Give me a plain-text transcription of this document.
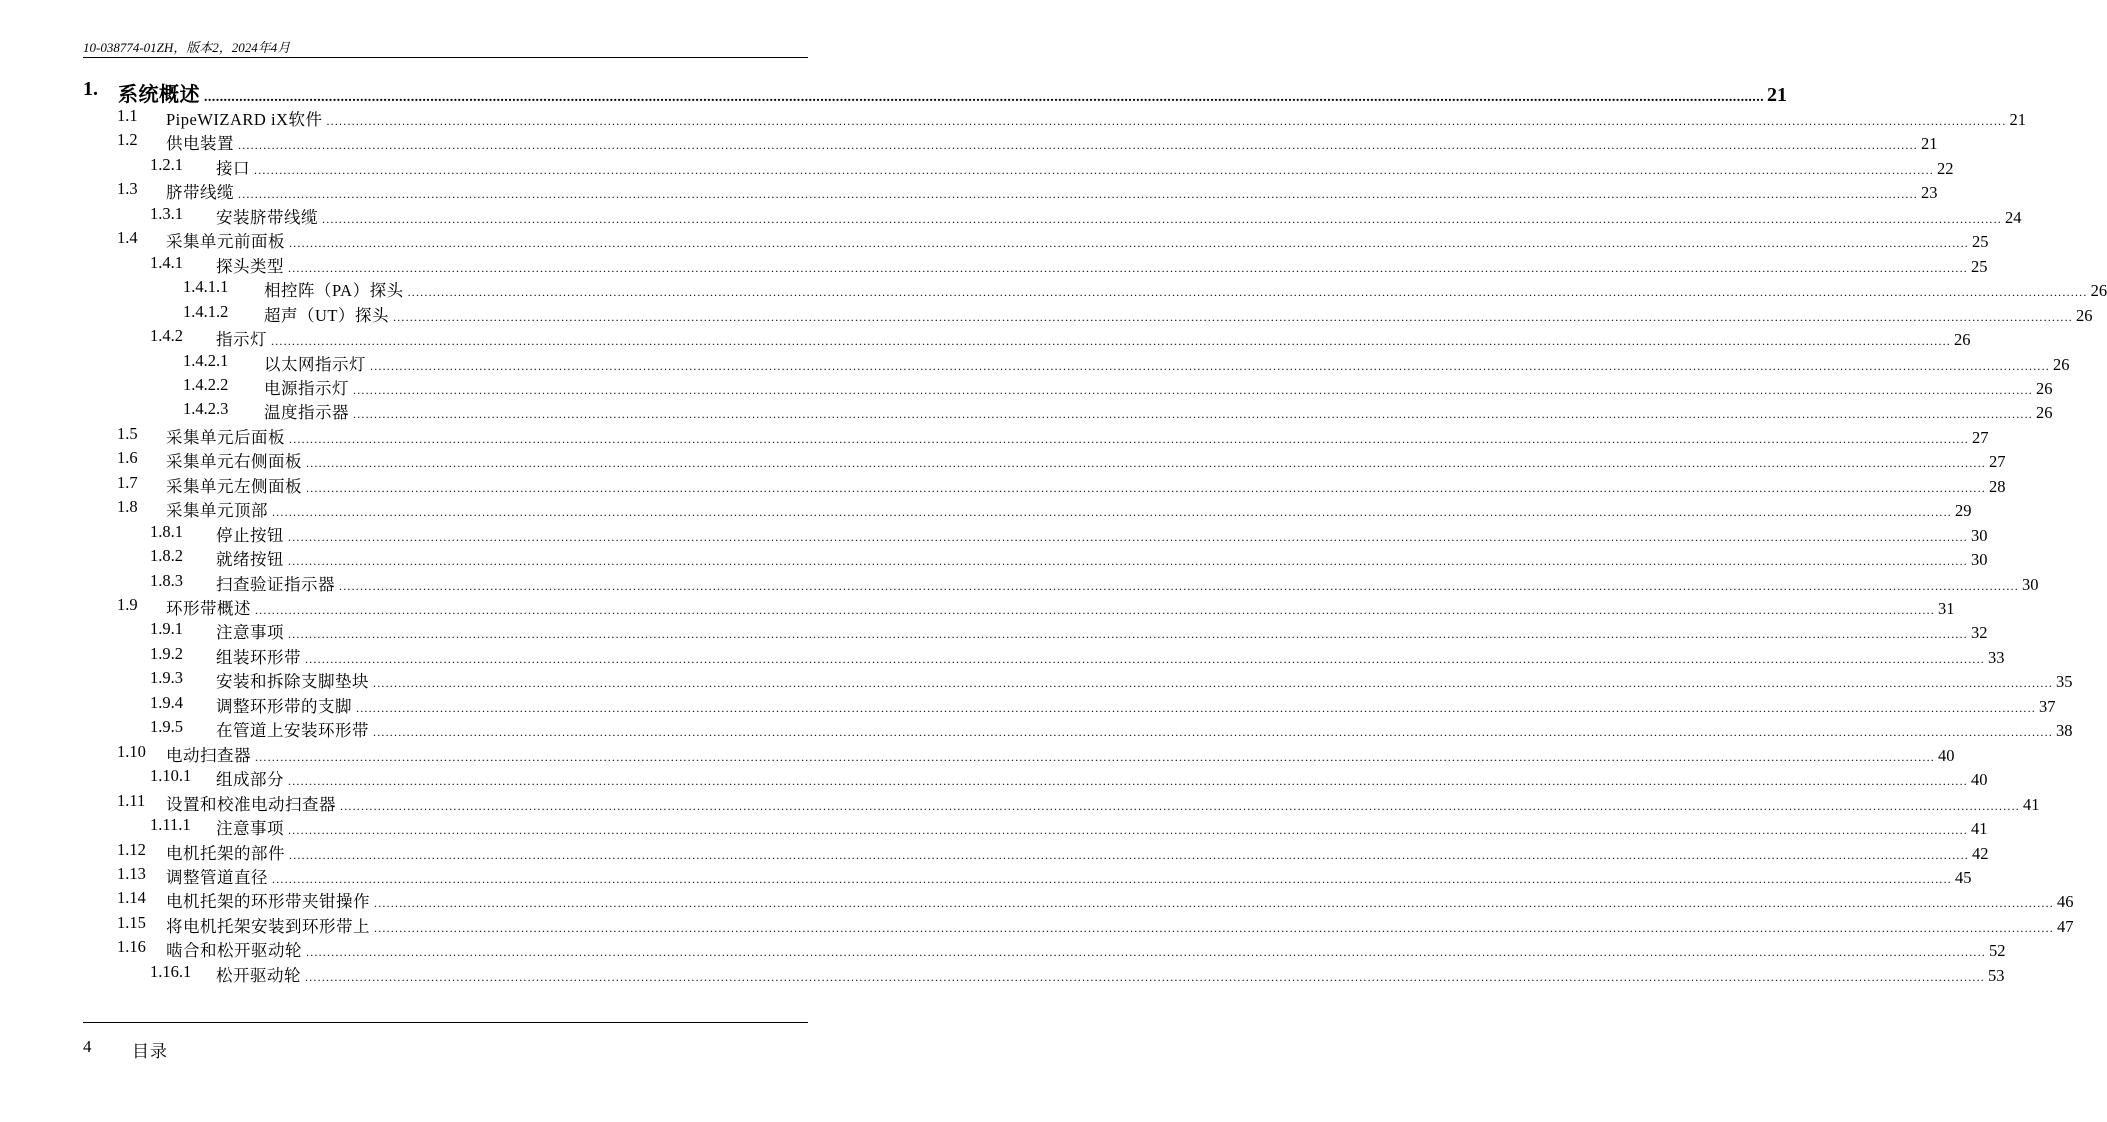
10-038774-01ZH，版本2，2024年4月
1. 系统概述 ................................................................................................................................................................................................................................................................................................................................................................................................................ 21
1.1 PipeWIZARD iX软件 ................................................................................................................................................................................................................................................................................................................................................................................................................ 21
1.2 供电装置 ................................................................................................................................................................................................................................................................................................................................................................................................................ 21
1.2.1 接口 ................................................................................................................................................................................................................................................................................................................................................................................................................ 22
1.3 脐带线缆 ................................................................................................................................................................................................................................................................................................................................................................................................................ 23
1.3.1 安装脐带线缆 ................................................................................................................................................................................................................................................................................................................................................................................................................ 24
1.4 采集单元前面板 ................................................................................................................................................................................................................................................................................................................................................................................................................ 25
1.4.1 探头类型 ................................................................................................................................................................................................................................................................................................................................................................................................................ 25
1.4.1.1 相控阵（PA）探头 ................................................................................................................................................................................................................................................................................................................................................................................................................ 26
1.4.1.2 超声（UT）探头 ................................................................................................................................................................................................................................................................................................................................................................................................................ 26
1.4.2 指示灯 ................................................................................................................................................................................................................................................................................................................................................................................................................ 26
1.4.2.1 以太网指示灯 ................................................................................................................................................................................................................................................................................................................................................................................................................ 26
1.4.2.2 电源指示灯 ................................................................................................................................................................................................................................................................................................................................................................................................................ 26
1.4.2.3 温度指示器 ................................................................................................................................................................................................................................................................................................................................................................................................................ 26
1.5 采集单元后面板 ................................................................................................................................................................................................................................................................................................................................................................................................................ 27
1.6 采集单元右侧面板 ................................................................................................................................................................................................................................................................................................................................................................................................................ 27
1.7 采集单元左侧面板 ................................................................................................................................................................................................................................................................................................................................................................................................................ 28
1.8 采集单元顶部 ................................................................................................................................................................................................................................................................................................................................................................................................................ 29
1.8.1 停止按钮 ................................................................................................................................................................................................................................................................................................................................................................................................................ 30
1.8.2 就绪按钮 ................................................................................................................................................................................................................................................................................................................................................................................................................ 30
1.8.3 扫查验证指示器 ................................................................................................................................................................................................................................................................................................................................................................................................................ 30
1.9 环形带概述 ................................................................................................................................................................................................................................................................................................................................................................................................................ 31
1.9.1 注意事项 ................................................................................................................................................................................................................................................................................................................................................................................................................ 32
1.9.2 组装环形带 ................................................................................................................................................................................................................................................................................................................................................................................................................ 33
1.9.3 安装和拆除支脚垫块 ................................................................................................................................................................................................................................................................................................................................................................................................................ 35
1.9.4 调整环形带的支脚 ................................................................................................................................................................................................................................................................................................................................................................................................................ 37
1.9.5 在管道上安装环形带 ................................................................................................................................................................................................................................................................................................................................................................................................................ 38
1.10 电动扫查器 ................................................................................................................................................................................................................................................................................................................................................................................................................ 40
1.10.1 组成部分 ................................................................................................................................................................................................................................................................................................................................................................................................................ 40
1.11 设置和校准电动扫查器 ................................................................................................................................................................................................................................................................................................................................................................................................................ 41
1.11.1 注意事项 ................................................................................................................................................................................................................................................................................................................................................................................................................ 41
1.12 电机托架的部件 ................................................................................................................................................................................................................................................................................................................................................................................................................ 42
1.13 调整管道直径 ................................................................................................................................................................................................................................................................................................................................................................................................................ 45
1.14 电机托架的环形带夹钳操作 ................................................................................................................................................................................................................................................................................................................................................................................................................ 46
1.15 将电机托架安装到环形带上 ................................................................................................................................................................................................................................................................................................................................................................................................................ 47
1.16 啮合和松开驱动轮 ................................................................................................................................................................................................................................................................................................................................................................................................................ 52
1.16.1 松开驱动轮 ................................................................................................................................................................................................................................................................................................................................................................................................................ 53
4 目录
